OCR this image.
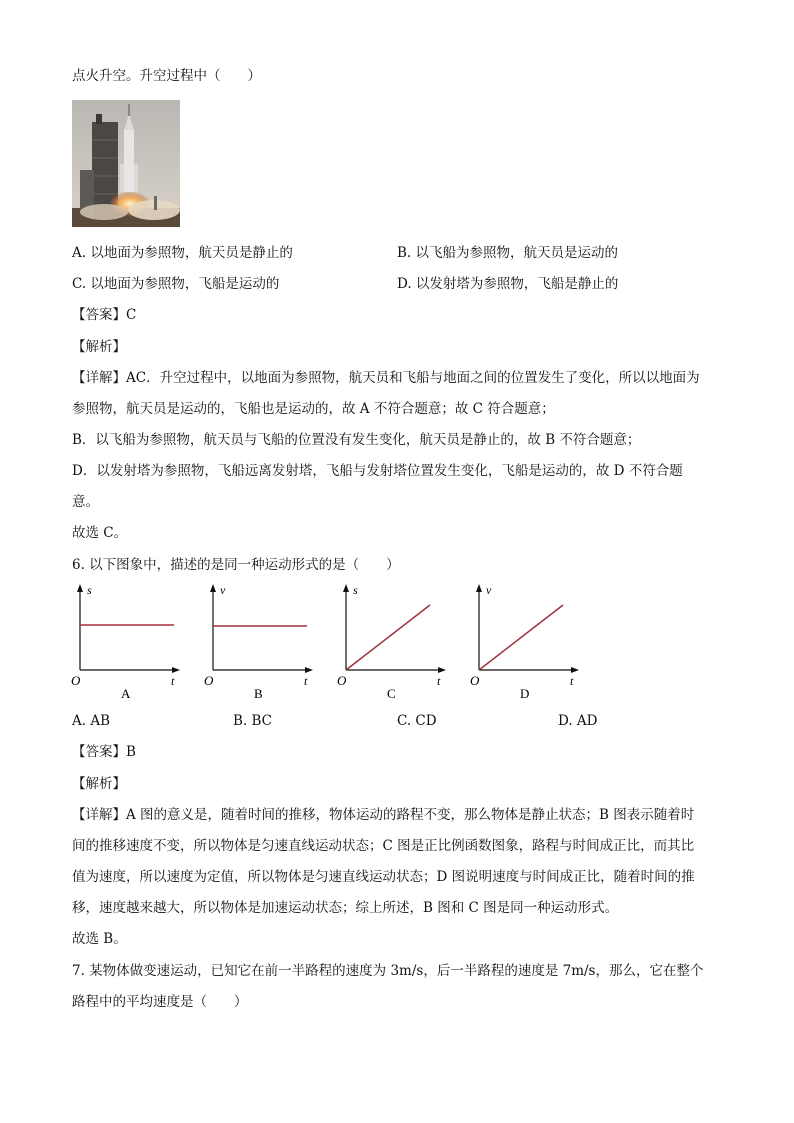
点火升空。升空过程中（　　）
A. 以地面为参照物，航天员是静止的	B. 以飞船为参照物，航天员是运动的
C. 以地面为参照物，飞船是运动的	D. 以发射塔为参照物，飞船是静止的
【答案】C
【解析】
【详解】AC．升空过程中，以地面为参照物，航天员和飞船与地面之间的位置发生了变化，所以以地面为
参照物，航天员是运动的，飞船也是运动的，故 A 不符合题意；故 C 符合题意；
B．以飞船为参照物，航天员与飞船的位置没有发生变化，航天员是静止的，故 B 不符合题意；
D．以发射塔为参照物，飞船远离发射塔，飞船与发射塔位置发生变化，飞船是运动的，故 D 不符合题
意。
故选 C。
6. 以下图象中，描述的是同一种运动形式的是（　　）
s
t
O
A
v
t
O
B
s
t
O
C
v
t
O
D
A. AB	B. BC	C. CD	D. AD
【答案】B
【解析】
【详解】A 图的意义是，随着时间的推移，物体运动的路程不变，那么物体是静止状态；B 图表示随着时
间的推移速度不变，所以物体是匀速直线运动状态；C 图是正比例函数图象，路程与时间成正比，而其比
值为速度，所以速度为定值，所以物体是匀速直线运动状态；D 图说明速度与时间成正比，随着时间的推
移，速度越来越大，所以物体是加速运动状态；综上所述，B 图和 C 图是同一种运动形式。
故选 B。
7. 某物体做变速运动，已知它在前一半路程的速度为 3m/s，后一半路程的速度是 7m/s，那么，它在整个
路程中的平均速度是（　　）
